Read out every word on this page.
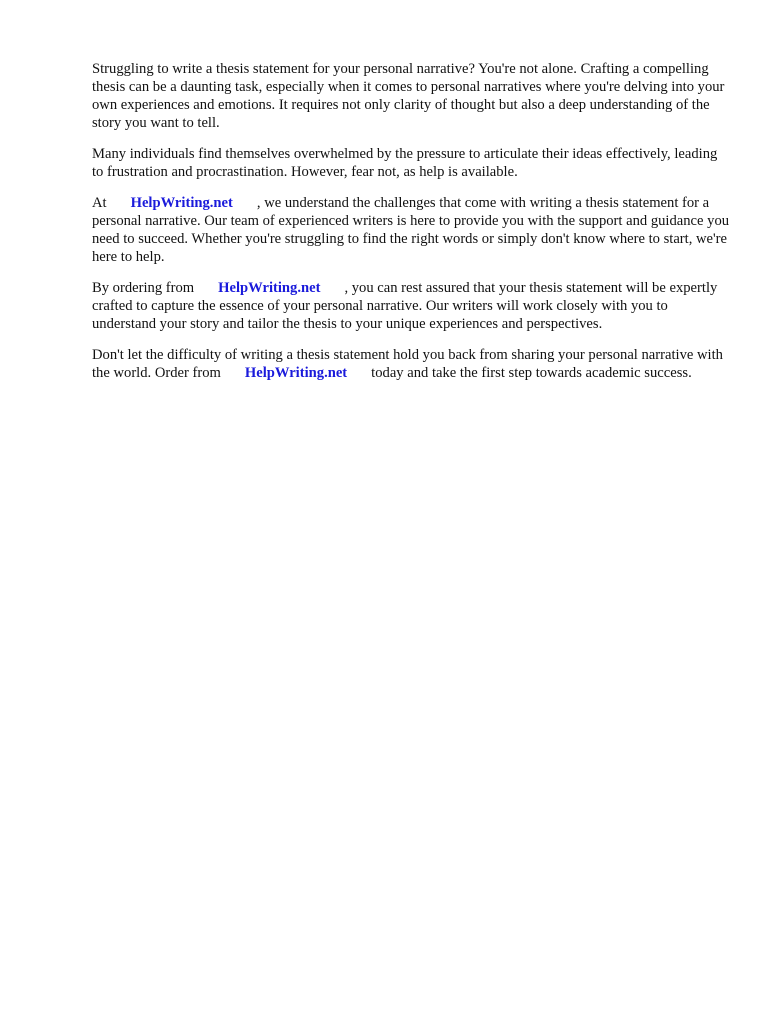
Struggling to write a thesis statement for your personal narrative? You're not alone. Crafting a compelling thesis can be a daunting task, especially when it comes to personal narratives where you're delving into your own experiences and emotions. It requires not only clarity of thought but also a deep understanding of the story you want to tell.

Many individuals find themselves overwhelmed by the pressure to articulate their ideas effectively, leading to frustration and procrastination. However, fear not, as help is available.

At HelpWriting.net , we understand the challenges that come with writing a thesis statement for a personal narrative. Our team of experienced writers is here to provide you with the support and guidance you need to succeed. Whether you're struggling to find the right words or simply don't know where to start, we're here to help.

By ordering from HelpWriting.net , you can rest assured that your thesis statement will be expertly crafted to capture the essence of your personal narrative. Our writers will work closely with you to understand your story and tailor the thesis to your unique experiences and perspectives.

Don't let the difficulty of writing a thesis statement hold you back from sharing your personal narrative with the world. Order from HelpWriting.net today and take the first step towards academic success.
